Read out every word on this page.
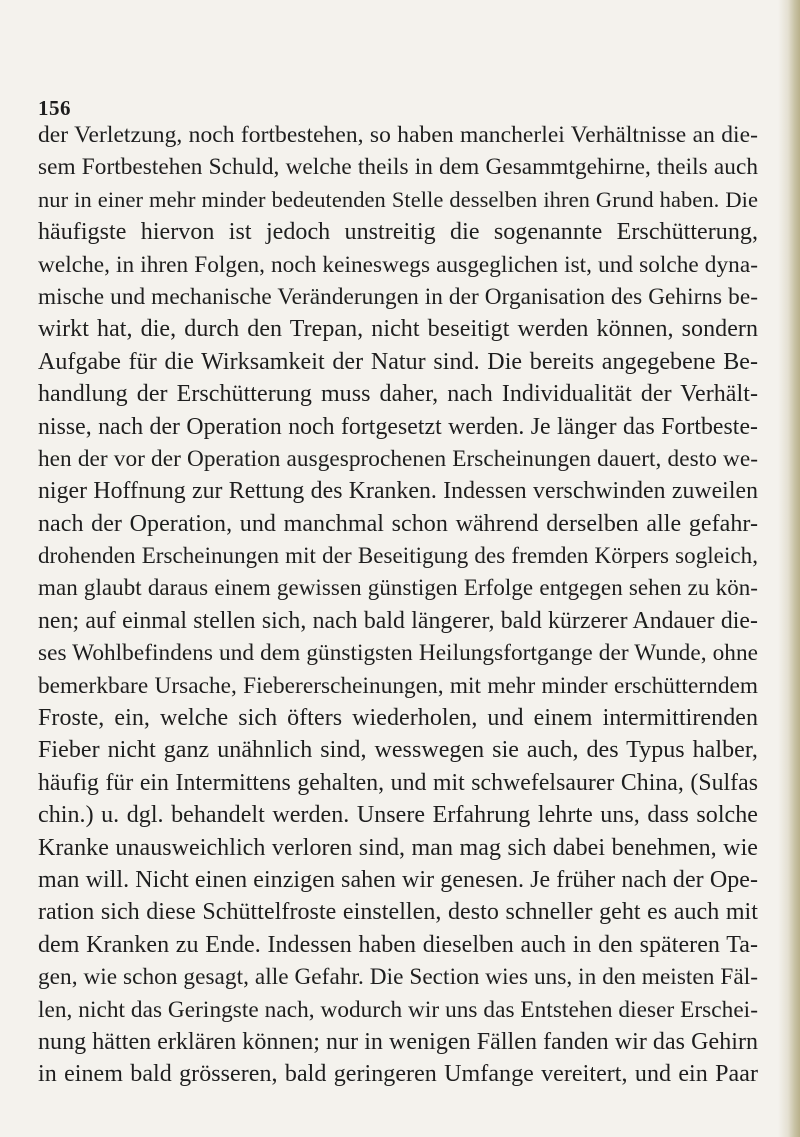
156
der Verletzung, noch fortbestehen, so haben mancherlei Verhältnisse an die-
sem Fortbestehen Schuld, welche theils in dem Gesammtgehirne, theils auch
nur in einer mehr minder bedeutenden Stelle desselben ihren Grund haben. Die
häufigste hiervon ist jedoch unstreitig die sogenannte Erschütterung,
welche, in ihren Folgen, noch keineswegs ausgeglichen ist, und solche dyna-
mische und mechanische Veränderungen in der Organisation des Gehirns be-
wirkt hat, die, durch den Trepan, nicht beseitigt werden können, sondern
Aufgabe für die Wirksamkeit der Natur sind. Die bereits angegebene Be-
handlung der Erschütterung muss daher, nach Individualität der Verhält-
nisse, nach der Operation noch fortgesetzt werden. Je länger das Fortbeste-
hen der vor der Operation ausgesprochenen Erscheinungen dauert, desto we-
niger Hoffnung zur Rettung des Kranken. Indessen verschwinden zuweilen
nach der Operation, und manchmal schon während derselben alle gefahr-
drohenden Erscheinungen mit der Beseitigung des fremden Körpers sogleich,
man glaubt daraus einem gewissen günstigen Erfolge entgegen sehen zu kön-
nen; auf einmal stellen sich, nach bald längerer, bald kürzerer Andauer die-
ses Wohlbefindens und dem günstigsten Heilungsfortgange der Wunde, ohne
bemerkbare Ursache, Fiebererscheinungen, mit mehr minder erschütterndem
Froste, ein, welche sich öfters wiederholen, und einem intermittirenden
Fieber nicht ganz unähnlich sind, wesswegen sie auch, des Typus halber,
häufig für ein Intermittens gehalten, und mit schwefelsaurer China, (Sulfas
chin.) u. dgl. behandelt werden. Unsere Erfahrung lehrte uns, dass solche
Kranke unausweichlich verloren sind, man mag sich dabei benehmen, wie
man will. Nicht einen einzigen sahen wir genesen. Je früher nach der Ope-
ration sich diese Schüttelfroste einstellen, desto schneller geht es auch mit
dem Kranken zu Ende. Indessen haben dieselben auch in den späteren Ta-
gen, wie schon gesagt, alle Gefahr. Die Section wies uns, in den meisten Fäl-
len, nicht das Geringste nach, wodurch wir uns das Entstehen dieser Erschei-
nung hätten erklären können; nur in wenigen Fällen fanden wir das Gehirn
in einem bald grösseren, bald geringeren Umfange vereitert, und ein Paar
